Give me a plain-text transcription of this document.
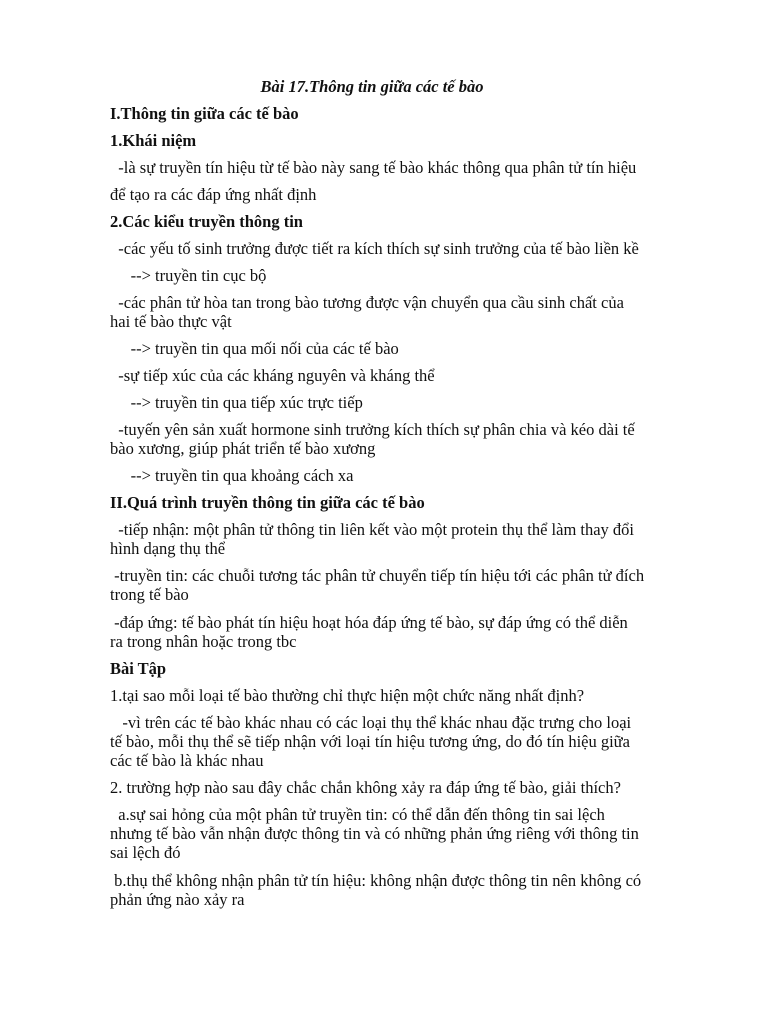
Bài 17.Thông tin giữa các tế bào

I.Thông tin giữa các tế bào

1.Khái niệm

-là sự truyền tín hiệu từ tế bào này sang tế bào khác thông qua phân tử tín hiệu

để tạo ra các đáp ứng nhất định

2.Các kiểu truyền thông tin

-các yếu tố sinh trưởng được tiết ra kích thích sự sinh trưởng của tế bào liền kề

--> truyền tin cục bộ

-các phân tử hòa tan trong bào tương được vận chuyển qua cầu sinh chất của

hai tế bào thực vật

--> truyền tin qua mối nối của các tế bào

-sự tiếp xúc của các kháng nguyên và kháng thể

--> truyền tin qua tiếp xúc trực tiếp

-tuyến yên sản xuất hormone sinh trưởng kích thích sự phân chia và kéo dài tế

bào xương, giúp phát triển tế bào xương

--> truyền tin qua khoảng cách xa

II.Quá trình truyền thông tin giữa các tế bào

-tiếp nhận: một phân tử thông tin liên kết vào một protein thụ thể làm thay đổi

hình dạng thụ thể

-truyền tin: các chuỗi tương tác phân tử chuyển tiếp tín hiệu tới các phân tử đích

trong tế bào

-đáp ứng: tế bào phát tín hiệu hoạt hóa đáp ứng tế bào, sự đáp ứng có thể diễn

ra trong nhân hoặc trong tbc

Bài Tập

1.tại sao mỗi loại tế bào thường chỉ thực hiện một chức năng nhất định?

-vì trên các tế bào khác nhau có các loại thụ thể khác nhau đặc trưng cho loại

tế bào, mỗi thụ thể sẽ tiếp nhận với loại tín hiệu tương ứng, do đó tín hiệu giữa

các tế bào là khác nhau

2. trường hợp nào sau đây chắc chắn không xảy ra đáp ứng tế bào, giải thích?

a.sự sai hỏng của một phân tử truyền tin: có thể dẫn đến thông tin sai lệch

nhưng tế bào vẫn nhận được thông tin và có những phản ứng riêng với thông tin

sai lệch đó

b.thụ thể không nhận phân tử tín hiệu: không nhận được thông tin nên không có

phản ứng nào xảy ra
